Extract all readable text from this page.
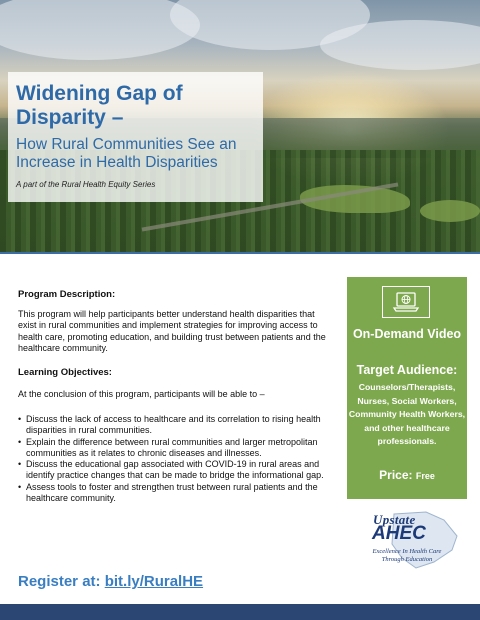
Widening Gap of Disparity –
How Rural Communities See an Increase in Health Disparities
A part of the Rural Health Equity Series
Program Description:
This program will help participants better understand health disparities that exist in rural communities and implement strategies for improving access to health care, promoting education, and building trust between patients and the healthcare community.
Learning Objectives:
At the conclusion of this program, participants will be able to –
• Discuss the lack of access to healthcare and its correlation to rising health disparities in rural communities.
• Explain the difference between rural communities and larger metropolitan communities as it relates to chronic diseases and illnesses.
• Discuss the educational gap associated with COVID-19 in rural areas and identify practice changes that can be made to bridge the informational gap.
• Assess tools to foster and strengthen trust between rural patients and the healthcare community.
On-Demand Video
Target Audience:
Counselors/Therapists, Nurses, Social Workers, Community Health Workers, and other healthcare professionals.
Price: Free
Upstate
AHEC
Excellence In Health Care Through Education
Register at: bit.ly/RuralHE
